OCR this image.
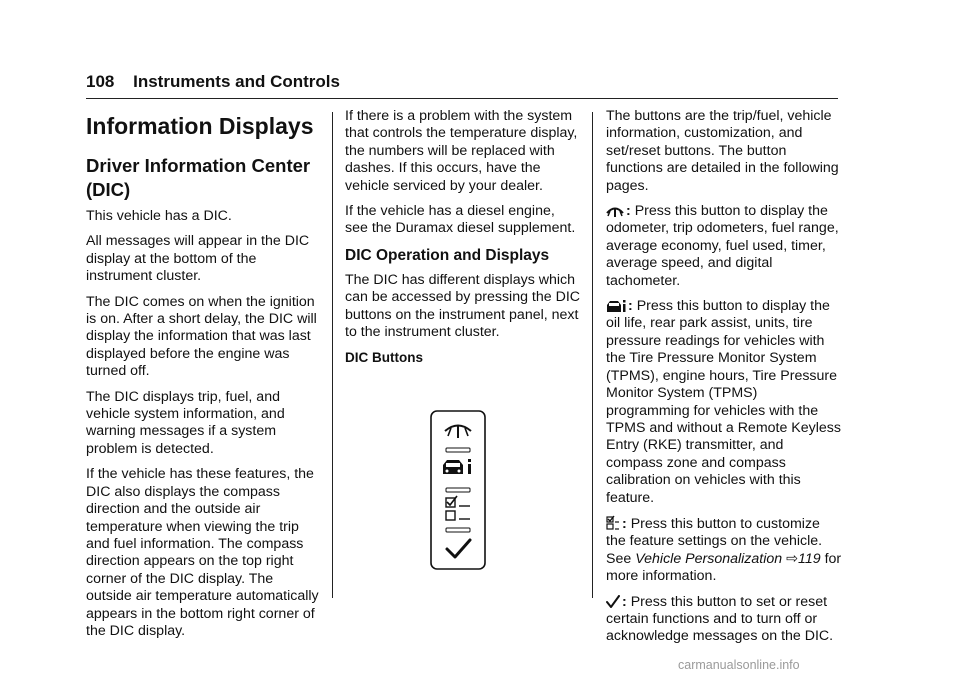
108 Instruments and Controls
Information Displays
Driver Information Center (DIC)

This vehicle has a DIC.

All messages will appear in the DIC display at the bottom of the instrument cluster.

The DIC comes on when the ignition is on. After a short delay, the DIC will display the information that was last displayed before the engine was turned off.

The DIC displays trip, fuel, and vehicle system information, and warning messages if a system problem is detected.

If the vehicle has these features, the DIC also displays the compass direction and the outside air temperature when viewing the trip and fuel information. The compass direction appears on the top right corner of the DIC display. The outside air temperature automatically appears in the bottom right corner of the DIC display.

If there is a problem with the system that controls the temperature display, the numbers will be replaced with dashes. If this occurs, have the vehicle serviced by your dealer.

If the vehicle has a diesel engine, see the Duramax diesel supplement.

DIC Operation and Displays

The DIC has different displays which can be accessed by pressing the DIC buttons on the instrument panel, next to the instrument cluster.

DIC Buttons

The buttons are the trip/fuel, vehicle information, customization, and set/reset buttons. The button functions are detailed in the following pages.

: Press this button to display the odometer, trip odometers, fuel range, average economy, fuel used, timer, average speed, and digital tachometer.

: Press this button to display the oil life, rear park assist, units, tire pressure readings for vehicles with the Tire Pressure Monitor System (TPMS), engine hours, Tire Pressure Monitor System (TPMS) programming for vehicles with the TPMS and without a Remote Keyless Entry (RKE) transmitter, and compass zone and compass calibration on vehicles with this feature.

: Press this button to customize the feature settings on the vehicle. See Vehicle Personalization ⇨119 for more information.

: Press this button to set or reset certain functions and to turn off or acknowledge messages on the DIC.

carmanualsonline.info
